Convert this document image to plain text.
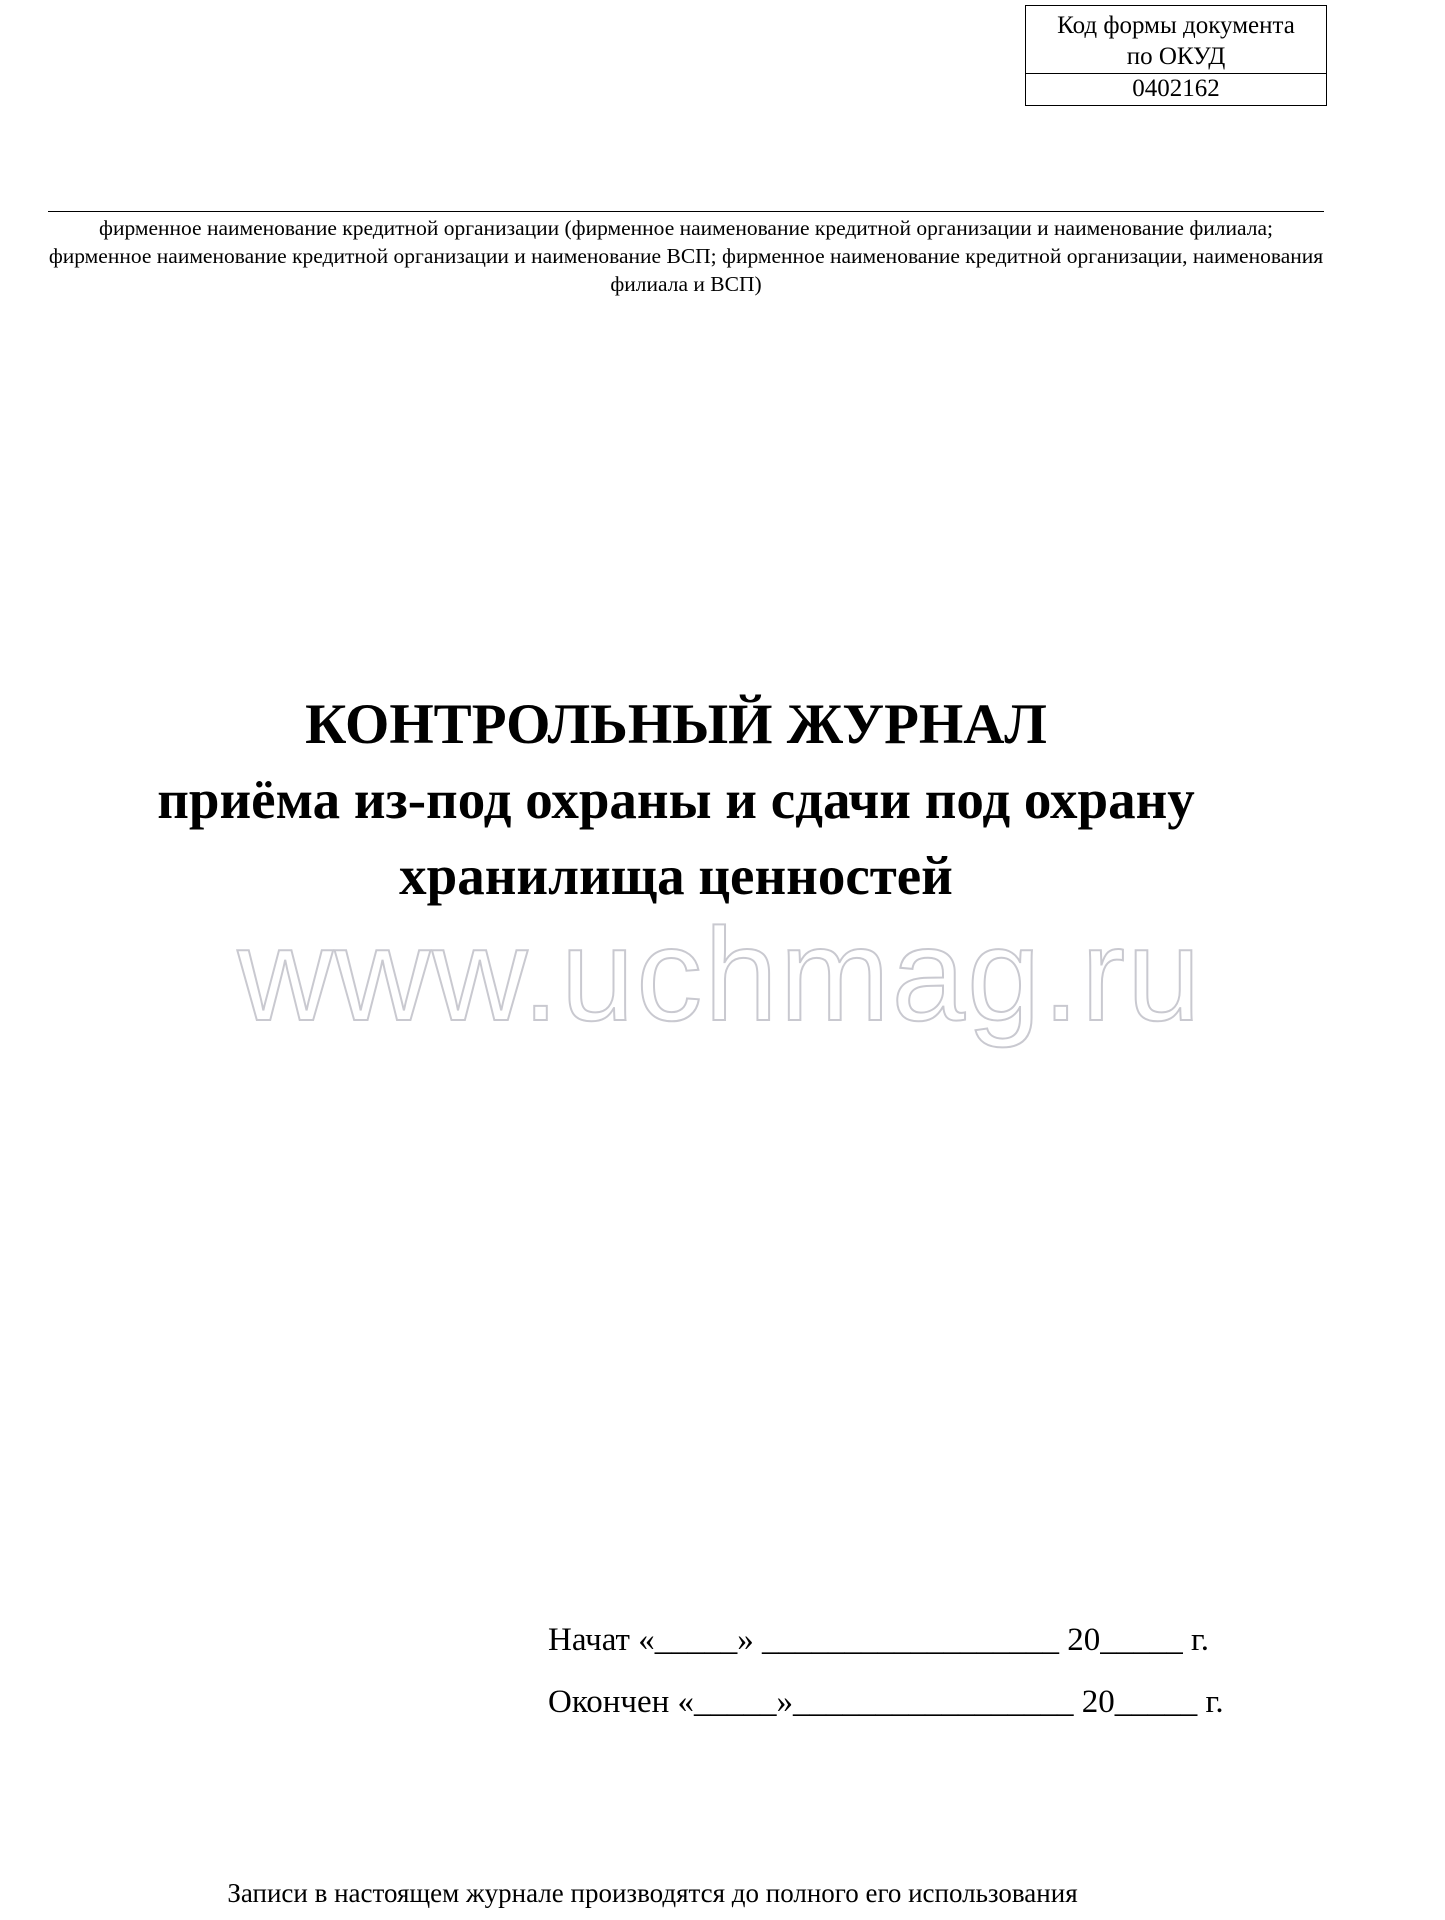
Код формы документа
по ОКУД
0402162
фирменное наименование кредитной организации (фирменное наименование кредитной организации и наименование филиала; фирменное наименование кредитной организации и наименование ВСП; фирменное наименование кредитной организации, наименования филиала и ВСП)
КОНТРОЛЬНЫЙ ЖУРНАЛ
приёма из-под охраны и сдачи под охрану
хранилища ценностей
www.uchmag.ru
Начат «_____» __________________ 20_____ г.
Окончен «_____»_________________ 20_____ г.
Записи в настоящем журнале производятся до полного его использования
